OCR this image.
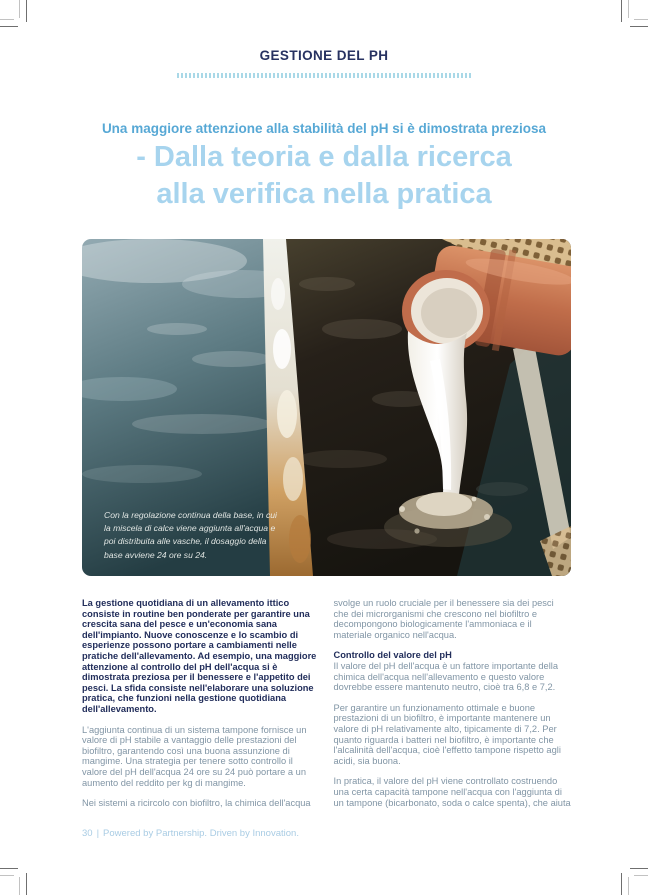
GESTIONE DEL PH
Una maggiore attenzione alla stabilità del pH si è dimostrata preziosa
- Dalla teoria e dalla ricerca
alla verifica nella pratica
Con la regolazione continua della base, in cui la miscela di calce viene aggiunta all'acqua e poi distribuita alle vasche, il dosaggio della base avviene 24 ore su 24.

La gestione quotidiana di un allevamento ittico consiste in routine ben ponderate per garantire una crescita sana del pesce e un'economia sana dell'impianto. Nuove conoscenze e lo scambio di esperienze possono portare a cambiamenti nelle pratiche dell'allevamento. Ad esempio, una maggiore attenzione al controllo del pH dell'acqua si è dimostrata preziosa per il benessere e l'appetito dei pesci. La sfida consiste nell'elaborare una soluzione pratica, che funzioni nella gestione quotidiana dell'allevamento.

L'aggiunta continua di un sistema tampone fornisce un valore di pH stabile a vantaggio delle prestazioni del biofiltro, garantendo così una buona assunzione di mangime. Una strategia per tenere sotto controllo il valore del pH dell'acqua 24 ore su 24 può portare a un aumento del reddito per kg di mangime.

Nei sistemi a ricircolo con biofiltro, la chimica dell'acqua

svolge un ruolo cruciale per il benessere sia dei pesci che dei microrganismi che crescono nel biofiltro e decompongono biologicamente l'ammoniaca e il materiale organico nell'acqua.

Controllo del valore del pH

Il valore del pH dell'acqua è un fattore importante della chimica dell'acqua nell'allevamento e questo valore dovrebbe essere mantenuto neutro, cioè tra 6,8 e 7,2.

Per garantire un funzionamento ottimale e buone prestazioni di un biofiltro, è importante mantenere un valore di pH relativamente alto, tipicamente di 7,2. Per quanto riguarda i batteri nel biofiltro, è importante che l'alcalinità dell'acqua, cioè l'effetto tampone rispetto agli acidi, sia buona.

In pratica, il valore del pH viene controllato costruendo una certa capacità tampone nell'acqua con l'aggiunta di un tampone (bicarbonato, soda o calce spenta), che aiuta

30 | Powered by Partnership. Driven by Innovation.
